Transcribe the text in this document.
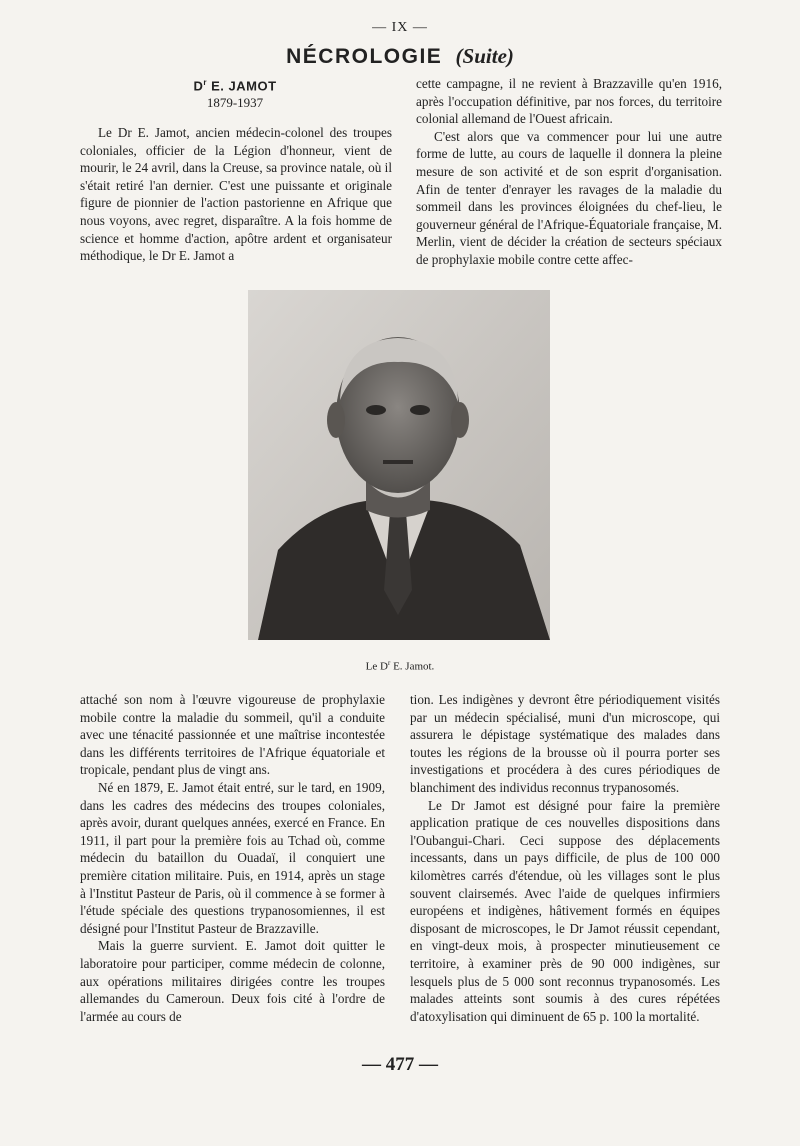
— IX —
NÉCROLOGIE (Suite)
$D^r$ E. JAMOT
1879-1937

Le Dr E. Jamot, ancien médecin-colonel des troupes coloniales, officier de la Légion d'honneur, vient de mourir, le 24 avril, dans la Creuse, sa province natale, où il s'était retiré l'an dernier. C'est une puissante et originale figure de pionnier de l'action pastorienne en Afrique que nous voyons, avec regret, disparaître. A la fois homme de science et homme d'action, apôtre ardent et organisateur méthodique, le Dr E. Jamot a

cette campagne, il ne revient à Brazzaville qu'en 1916, après l'occupation définitive, par nos forces, du territoire colonial allemand de l'Ouest africain.

C'est alors que va commencer pour lui une autre forme de lutte, au cours de laquelle il donnera la pleine mesure de son activité et de son esprit d'organisation. Afin de tenter d'enrayer les ravages de la maladie du sommeil dans les provinces éloignées du chef-lieu, le gouverneur général de l'Afrique-Équatoriale française, M. Merlin, vient de décider la création de secteurs spéciaux de prophylaxie mobile contre cette affec-

Le $D^r$ E. Jamot.

attaché son nom à l'œuvre vigoureuse de prophylaxie mobile contre la maladie du sommeil, qu'il a conduite avec une ténacité passionnée et une maîtrise incontestée dans les différents territoires de l'Afrique équatoriale et tropicale, pendant plus de vingt ans.

Né en 1879, E. Jamot était entré, sur le tard, en 1909, dans les cadres des médecins des troupes coloniales, après avoir, durant quelques années, exercé en France. En 1911, il part pour la première fois au Tchad où, comme médecin du bataillon du Ouadaï, il conquiert une première citation militaire. Puis, en 1914, après un stage à l'Institut Pasteur de Paris, où il commence à se former à l'étude spéciale des questions trypanosomiennes, il est désigné pour l'Institut Pasteur de Brazzaville.

Mais la guerre survient. E. Jamot doit quitter le laboratoire pour participer, comme médecin de colonne, aux opérations militaires dirigées contre les troupes allemandes du Cameroun. Deux fois cité à l'ordre de l'armée au cours de

tion. Les indigènes y devront être périodiquement visités par un médecin spécialisé, muni d'un microscope, qui assurera le dépistage systématique des malades dans toutes les régions de la brousse où il pourra porter ses investigations et procédera à des cures périodiques de blanchiment des individus reconnus trypanosomés.

Le Dr Jamot est désigné pour faire la première application pratique de ces nouvelles dispositions dans l'Oubangui-Chari. Ceci suppose des déplacements incessants, dans un pays difficile, de plus de 100 000 kilomètres carrés d'étendue, où les villages sont le plus souvent clairsemés. Avec l'aide de quelques infirmiers européens et indigènes, hâtivement formés en équipes disposant de microscopes, le Dr Jamot réussit cependant, en vingt-deux mois, à prospecter minutieusement ce territoire, à examiner près de 90 000 indigènes, sur lesquels plus de 5 000 sont reconnus trypanosomés. Les malades atteints sont soumis à des cures répétées d'atoxylisation qui diminuent de 65 p. 100 la mortalité.

— 477 —
